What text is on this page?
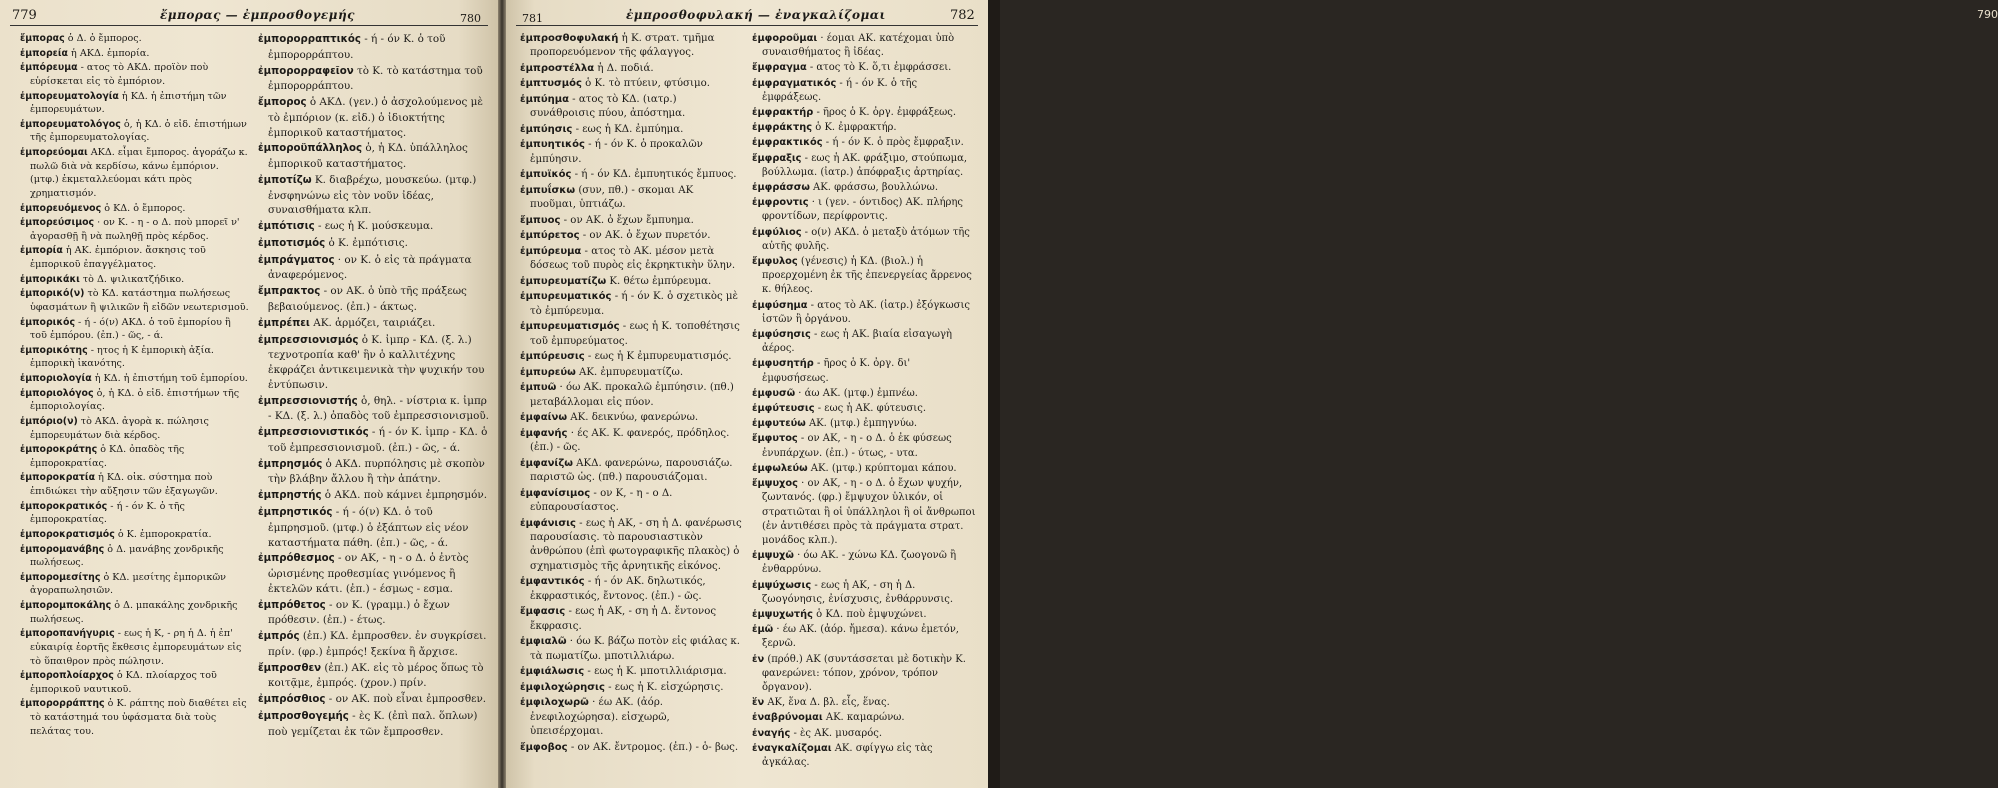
779	ἔμπορας — ἐμπροσθογεμής	780
ἔμπορας ὁ Δ. ὁ ἔμπορος.
ἐμπορεία ἡ ΑΚΔ. ἐμπορία.
ἐμπόρευμα - ατος τὸ ΑΚΔ. προϊὸν ποὺ εὑρίσκεται εἰς τὸ ἐμπόριον.
ἐμπορευματολογία ἡ ΚΔ. ἡ ἐπιστήμη τῶν ἐμπορευμάτων.
ἐμπορευματολόγος ὁ, ἡ ΚΔ. ὁ εἰδ. ἐπιστήμων τῆς ἐμπορευματολογίας.
ἐμπορεύομαι ΑΚΔ. εἶμαι ἔμπορος. ἀγοράζω κ. πωλῶ διὰ νὰ κερδίσω, κάνω ἐμπόριον. (μτφ.) ἐκμεταλλεύομαι κάτι πρὸς χρηματισμόν.
ἐμπορευόμενος ὁ ΚΔ. ὁ ἔμπορος.
ἐμπορεύσιμος · ον Κ. - η - ο Δ. ποὺ μπορεῖ ν' ἀγορασθῇ ἢ νὰ πωληθῇ πρὸς κέρδος.
ἐμπορία ἡ ΑΚ. ἐμπόριον. ἄσκησις τοῦ ἐμπορικοῦ ἐπαγγέλματος.
ἐμπορικάκι τὸ Δ. ψιλικατζήδικο.
ἐμπορικό(ν) τὸ ΚΔ. κατάστημα πωλήσεως ὑφασμάτων ἢ ψιλικῶν ἢ εἰδῶν νεωτερισμοῦ.
ἐμπορικός - ή - ό(ν) ΑΚΔ. ὁ τοῦ ἐμπορίου ἢ τοῦ ἐμπόρου. (ἐπ.) - ῶς, - ά.
ἐμπορικότης - ητος ἡ Κ ἐμπορικὴ ἀξία. ἐμπορικὴ ἱκανότης.
ἐμποριολογία ἡ ΚΔ. ἡ ἐπιστήμη τοῦ ἐμπορίου.
ἐμποριολόγος ὁ, ἡ ΚΔ. ὁ εἰδ. ἐπιστήμων τῆς ἐμποριολογίας.
ἐμπόριο(ν) τὸ ΑΚΔ. ἀγορὰ κ. πώλησις ἐμπορευμάτων διὰ κέρδος.
ἐμποροκράτης ὁ ΚΔ. ὀπαδὸς τῆς ἐμποροκρατίας.
ἐμποροκρατία ἡ ΚΔ. οἰκ. σύστημα ποὺ ἐπιδιώκει τὴν αὔξησιν τῶν ἐξαγωγῶν.
ἐμποροκρατικός - ή - όν Κ. ὁ τῆς ἐμποροκρατίας.
ἐμποροκρατισμός ὁ Κ. ἐμποροκρατία.
ἐμπορομανάβης ὁ Δ. μανάβης χονδρικῆς πωλήσεως.
ἐμπορομεσίτης ὁ ΚΔ. μεσίτης ἐμπορικῶν ἀγοραπωλησιῶν.
ἐμπορομποκάλης ὁ Δ. μπακάλης χονδρικῆς πωλήσεως.
ἐμποροπανήγυρις - εως ἡ Κ, - ρη ἡ Δ. ἡ ἐπ' εὐκαιρίᾳ ἑορτῆς ἔκθεσις ἐμπορευμάτων εἰς τὸ ὕπαιθρον πρὸς πώλησιν.
ἐμποροπλοίαρχος ὁ ΚΔ. πλοίαρχος τοῦ ἐμπορικοῦ ναυτικοῦ.
ἐμπορορράπτης ὁ Κ. ράπτης ποὺ διαθέτει εἰς τὸ κατάστημά του ὑφάσματα διὰ τοὺς πελάτας του.
ἐμπορορραπτικός - ή - όν Κ. ὁ τοῦ ἐμπορορράπτου.
ἐμπορορραφεῖον τὸ Κ. τὸ κατάστημα τοῦ ἐμπορορράπτου.
ἔμπορος ὁ ΑΚΔ. (γεν.) ὁ ἀσχολούμενος μὲ τὸ ἐμπόριον (κ. εἰδ.) ὁ ἰδιοκτήτης ἐμπορικοῦ καταστήματος.
ἐμποροϋπάλληλος ὁ, ἡ ΚΔ. ὑπάλληλος ἐμπορικοῦ καταστήματος.
ἐμποτίζω Κ. διαβρέχω, μουσκεύω. (μτφ.) ἐνσφηνώνω εἰς τὸν νοῦν ἰδέας, συναισθήματα κλπ.
ἐμπότισις - εως ἡ Κ. μούσκευμα.
ἐμποτισμός ὁ Κ. ἐμπότισις.
ἐμπράγματος · ον Κ. ὁ εἰς τὰ πράγματα ἀναφερόμενος.
ἔμπρακτος - ον ΑΚ. ὁ ὑπὸ τῆς πράξεως βεβαιούμενος. (ἐπ.) - άκτως.
ἐμπρέπει ΑΚ. ἁρμόζει, ταιριάζει.
ἐμπρεσσιονισμός ὁ Κ. ἰμπρ - ΚΔ. (ξ. λ.) τεχνοτροπία καθ' ἣν ὁ καλλιτέχνης ἐκφράζει ἀντικειμενικὰ τὴν ψυχικήν του ἐντύπωσιν.
ἐμπρεσσιονιστής ὁ, θηλ. - νίστρια κ. ἰμπρ - ΚΔ. (ξ. λ.) ὀπαδὸς τοῦ ἐμπρεσσιονισμοῦ.
ἐμπρεσσιονιστικός - ή - όν Κ. ἰμπρ - ΚΔ. ὁ τοῦ ἐμπρεσσιονισμοῦ. (ἐπ.) - ῶς, - ά.
ἐμπρησμός ὁ ΑΚΔ. πυρπόλησις μὲ σκοπὸν τὴν βλάβην ἄλλου ἢ τὴν ἀπάτην.
ἐμπρηστής ὁ ΑΚΔ. ποὺ κάμνει ἐμπρησμόν.
ἐμπρηστικός - ή - ό(ν) ΚΔ. ὁ τοῦ ἐμπρησμοῦ. (μτφ.) ὁ ἐξάπτων εἰς νέον καταστήματα πάθη. (ἐπ.) - ῶς, - ά.
ἐμπρόθεσμος - ον ΑΚ, - η - ο Δ. ὁ ἐντὸς ὡρισμένης προθεσμίας γινόμενος ἢ ἐκτελῶν κάτι. (ἐπ.) - έσμως - εσμα.
ἐμπρόθετος - ον Κ. (γραμμ.) ὁ ἔχων πρόθεσιν. (ἐπ.) - έτως.
ἐμπρός (ἐπ.) ΚΔ. ἐμπροσθεν. ἐν συγκρίσει. πρίν. (φρ.) ἐμπρός! ξεκίνα ἢ ἄρχισε.
ἔμπροσθεν (ἐπ.) ΑΚ. εἰς τὸ μέρος ὅπως τὸ κοιτᾷμε, ἐμπρός. (χρον.) πρίν.
ἐμπρόσθιος - ον ΑΚ. ποὺ εἶναι ἐμπροσθεν.
ἐμπροσθογεμής - ὲς Κ. (ἐπὶ παλ. ὅπλων) ποὺ γεμίζεται ἐκ τῶν ἔμπροσθεν.
781	ἐμπροσθοφυλακή — ἐναγκαλίζομαι	782
ἐμπροσθοφυλακή ἡ Κ. στρατ. τμῆμα προπορευόμενον τῆς φάλαγγος.
ἐμπροστέλλα ἡ Δ. ποδιά.
ἐμπτυσμός ὁ Κ. τὸ πτύειν, φτύσιμο.
ἐμπύημα - ατος τὸ ΚΔ. (ιατρ.) συνάθροισις πύου, ἀπόστημα.
ἐμπύησις - εως ἡ ΚΔ. ἐμπύημα.
ἐμπυητικός - ή - όν Κ. ὁ προκαλῶν ἐμπύησιν.
ἐμπυϊκός - ή - όν ΚΔ. ἐμπυητικός ἔμπυος.
ἐμπυΐσκω (συν, πθ.) - σκομαι ΑΚ πυοῦμαι, ὑπτιάζω.
ἔμπυος - ον ΑΚ. ὁ ἔχων ἔμπυημα.
ἐμπύρετος - ον ΑΚ. ὁ ἔχων πυρετόν.
ἐμπύρευμα - ατος τὸ ΑΚ. μέσον μετὰ δόσεως τοῦ πυρὸς εἰς ἐκρηκτικὴν ὕλην.
ἐμπυρευματίζω Κ. θέτω ἐμπύρευμα.
ἐμπυρευματικός - ή - όν Κ. ὁ σχετικὸς μὲ τὸ ἐμπύρευμα.
ἐμπυρευματισμός - εως ἡ Κ. τοποθέτησις τοῦ ἐμπυρεύματος.
ἐμπύρευσις - εως ἡ Κ ἐμπυρευματισμός.
ἐμπυρεύω ΑΚ. ἐμπυρευματίζω.
ἐμπυῶ · όω ΑΚ. προκαλῶ ἐμπύησιν. (πθ.) μεταβάλλομαι εἰς πύον.
ἐμφαίνω ΑΚ. δεικνύω, φανερώνω.
ἐμφανής · ές ΑΚ. Κ. φανερός, πρόδηλος. (ἐπ.) - ῶς.
ἐμφανίζω ΑΚΔ. φανερώνω, παρουσιάζω. παριστῶ ὡς. (πθ.) παρουσιάζομαι.
ἐμφανίσιμος - ον Κ, - η - ο Δ. εὐπαρουσίαστος.
ἐμφάνισις - εως ἡ ΑΚ, - ση ἡ Δ. φανέρωσις παρουσίασις. τὸ παρουσιαστικὸν ἀνθρώπου (ἐπὶ φωτογραφικῆς πλακὸς) ὁ σχηματισμὸς τῆς ἀρνητικῆς εἰκόνος.
ἐμφαντικός - ή - όν ΑΚ. δηλωτικός, ἐκφραστικός, ἔντονος. (ἐπ.) - ῶς.
ἔμφασις - εως ἡ ΑΚ, - ση ἡ Δ. ἔντονος ἔκφρασις.
ἐμφιαλῶ · όω Κ. βάζω ποτὸν εἰς φιάλας κ. τὰ πωματίζω. μποτιλλιάρω.
ἐμφιάλωσις - εως ἡ Κ. μποτιλλιάρισμα.
ἐμφιλοχώρησις - εως ἡ Κ. εἰσχώρησις.
ἐμφιλοχωρῶ · έω ΑΚ. (ἀόρ. ἐνεφιλοχώρησα). εἰσχωρῶ, ὑπεισέρχομαι.
ἔμφοβος - ον ΑΚ. ἔντρομος. (ἐπ.) - ὁ- βως.
ἐμφοροῦμαι · έομαι ΑΚ. κατέχομαι ὑπὸ συναισθήματος ἢ ἰδέας.
ἔμφραγμα - ατος τὸ Κ. ὅ,τι ἐμφράσσει.
ἐμφραγματικός - ή - όν Κ. ὁ τῆς ἐμφράξεως.
ἐμφρακτήρ - ῆρος ὁ Κ. ὀργ. ἐμφράξεως.
ἐμφράκτης ὁ Κ. ἐμφρακτήρ.
ἐμφρακτικός - ή - όν Κ. ὁ πρὸς ἔμφραξιν.
ἔμφραξις - εως ἡ ΑΚ. φράξιμο, στούπωμα, βούλλωμα. (ἰατρ.) ἀπόφραξις ἀρτηρίας.
ἐμφράσσω ΑΚ. φράσσω, βουλλώνω.
ἐμφροντις · ι (γεν. - όντιδος) ΑΚ. πλήρης φροντίδων, περίφροντις.
ἐμφύλιος - ο(ν) ΑΚΔ. ὁ μεταξὺ ἀτόμων τῆς αὐτῆς φυλῆς.
ἔμφυλος (γένεσις) ἡ ΚΔ. (βιολ.) ἡ προερχομένη ἐκ τῆς ἐπενεργείας ἄρρενος κ. θήλεος.
ἐμφύσημα - ατος τὸ ΑΚ. (ἰατρ.) ἐξόγκωσις ἱστῶν ἢ ὀργάνου.
ἐμφύσησις - εως ἡ ΑΚ. βιαία εἰσαγωγὴ ἀέρος.
ἐμφυσητήρ - ῆρος ὁ Κ. ὀργ. δι' ἐμφυσήσεως.
ἐμφυσῶ · άω ΑΚ. (μτφ.) ἐμπνέω.
ἐμφύτευσις - εως ἡ ΑΚ. φύτευσις.
ἐμφυτεύω ΑΚ. (μτφ.) ἐμπηγνύω.
ἔμφυτος - ον ΑΚ, - η - ο Δ. ὁ ἐκ φύσεως ἐνυπάρχων. (ἐπ.) - ύτως, - υτα.
ἐμφωλεύω ΑΚ. (μτφ.) κρύπτομαι κάπου.
ἔμψυχος · ον ΑΚ, - η - ο Δ. ὁ ἔχων ψυχήν, ζωντανός. (φρ.) ἔμψυχον ὑλικόν, οἱ στρατιῶται ἢ οἱ ὑπάλληλοι ἢ οἱ ἄνθρωποι (ἐν ἀντιθέσει πρὸς τὰ πράγματα στρατ. μονάδος κλπ.).
ἐμψυχῶ · όω ΑΚ. - χώνω ΚΔ. ζωογονῶ ἢ ἐνθαρρύνω.
ἐμψύχωσις - εως ἡ ΑΚ, - ση ἡ Δ. ζωογόνησις, ἐνίσχυσις, ἐνθάρρυνσις.
ἐμψυχωτής ὁ ΚΔ. ποὺ ἐμψυχώνει.
ἐμῶ · έω ΑΚ. (ἀόρ. ἤμεσα). κάνω ἐμετόν, ξερνῶ.
ἐν (πρόθ.) ΑΚ (συντάσσεται μὲ δοτικὴν Κ. φανερώνει: τόπον, χρόνον, τρόπον ὄργανον).
ἕν ΑΚ, ἕνα Δ. βλ. εἷς, ἕνας.
ἐναβρύνομαι ΑΚ. καμαρώνω.
ἐναγής - ὲς ΑΚ. μυσαρός.
ἐναγκαλίζομαι ΑΚ. σφίγγω εἰς τὰς ἀγκάλας.
790
